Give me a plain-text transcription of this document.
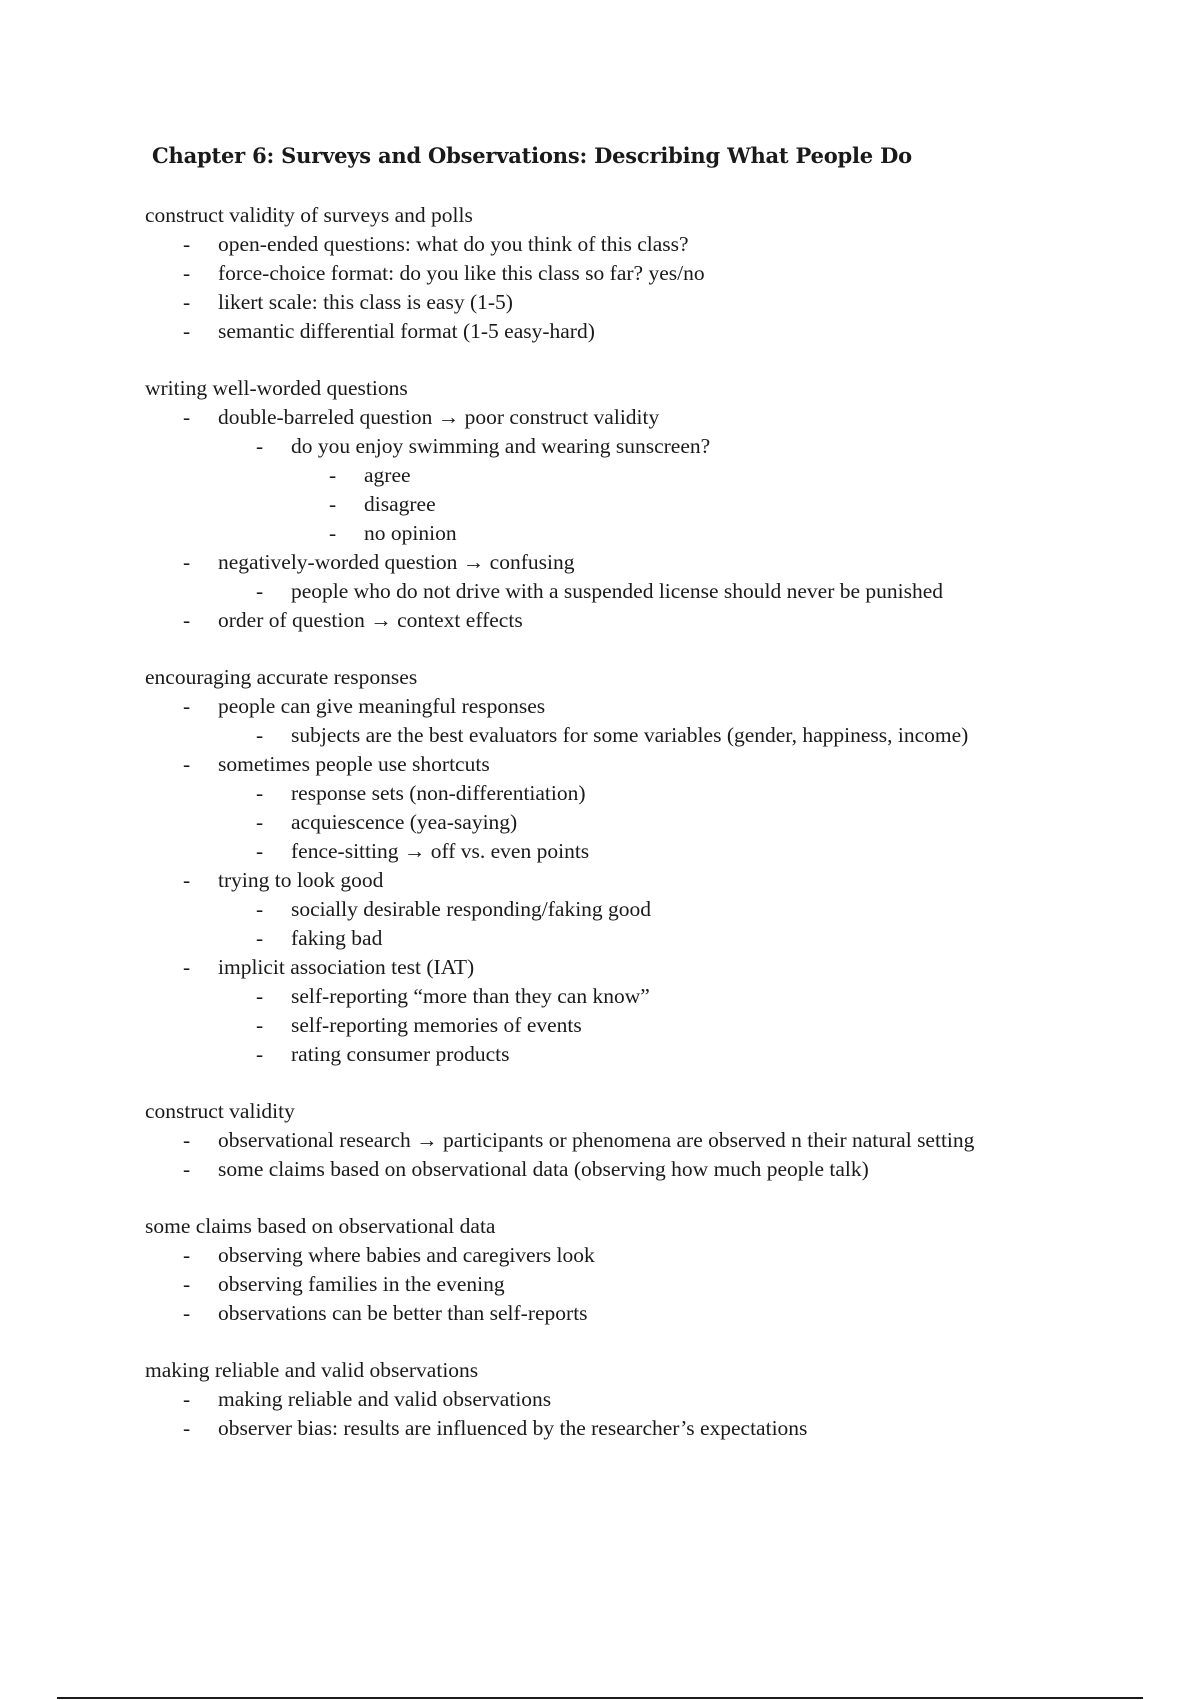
Chapter 6: Surveys and Observations: Describing What People Do
construct validity of surveys and polls
- open-ended questions: what do you think of this class?
- force-choice format: do you like this class so far? yes/no
- likert scale: this class is easy (1-5)
- semantic differential format (1-5 easy-hard)
writing well-worded questions
- double-barreled question → poor construct validity
- do you enjoy swimming and wearing sunscreen?
- agree
- disagree
- no opinion
- negatively-worded question → confusing
- people who do not drive with a suspended license should never be punished
- order of question → context effects
encouraging accurate responses
- people can give meaningful responses
- subjects are the best evaluators for some variables (gender, happiness, income)
- sometimes people use shortcuts
- response sets (non-differentiation)
- acquiescence (yea-saying)
- fence-sitting → off vs. even points
- trying to look good
- socially desirable responding/faking good
- faking bad
- implicit association test (IAT)
- self-reporting “more than they can know”
- self-reporting memories of events
- rating consumer products
construct validity
- observational research → participants or phenomena are observed n their natural setting
- some claims based on observational data (observing how much people talk)
some claims based on observational data
- observing where babies and caregivers look
- observing families in the evening
- observations can be better than self-reports
making reliable and valid observations
- making reliable and valid observations
- observer bias: results are influenced by the researcher’s expectations
